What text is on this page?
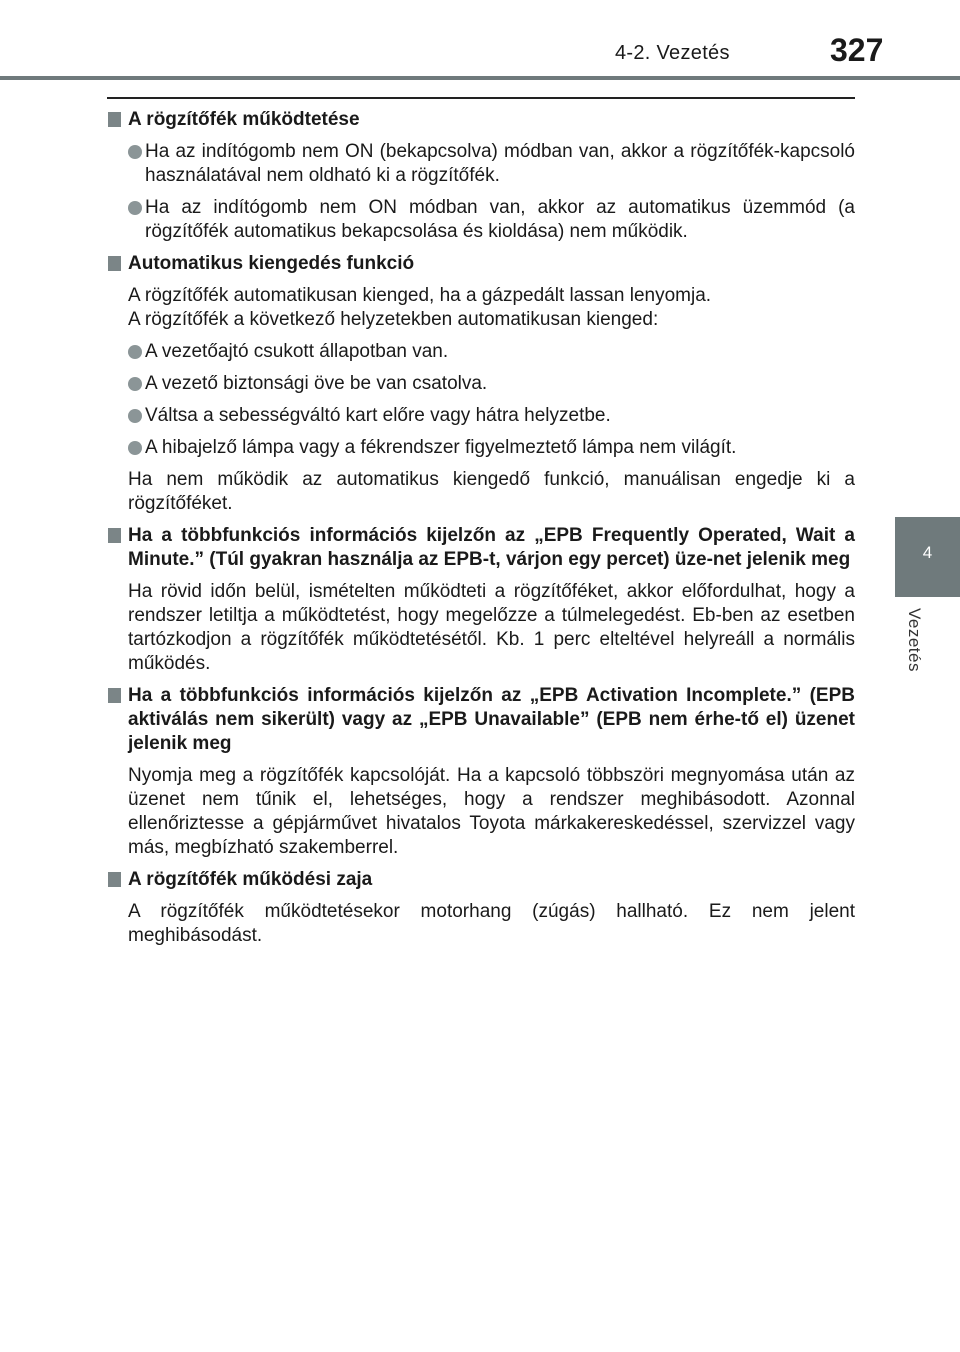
4-2. Vezetés	327
4
Vezetés
A rögzítőfék működtetése
Ha az indítógomb nem ON (bekapcsolva) módban van, akkor a rögzítőfék-kapcsoló használatával nem oldható ki a rögzítőfék.
Ha az indítógomb nem ON módban van, akkor az automatikus üzemmód (a rögzítőfék automatikus bekapcsolása és kioldása) nem működik.
Automatikus kiengedés funkció
A rögzítőfék automatikusan kienged, ha a gázpedált lassan lenyomja.
A rögzítőfék a következő helyzetekben automatikusan kienged:
A vezetőajtó csukott állapotban van.
A vezető biztonsági öve be van csatolva.
Váltsa a sebességváltó kart előre vagy hátra helyzetbe.
A hibajelző lámpa vagy a fékrendszer figyelmeztető lámpa nem világít.
Ha nem működik az automatikus kiengedő funkció, manuálisan engedje ki a rögzítőféket.
Ha a többfunkciós információs kijelzőn az „EPB Frequently Operated, Wait a Minute.” (Túl gyakran használja az EPB-t, várjon egy percet) üze-net jelenik meg
Ha rövid időn belül, ismételten működteti a rögzítőféket, akkor előfordulhat, hogy a rendszer letiltja a működtetést, hogy megelőzze a túlmelegedést. Eb-ben az esetben tartózkodjon a rögzítőfék működtetésétől. Kb. 1 perc elteltével helyreáll a normális működés.
Ha a többfunkciós információs kijelzőn az „EPB Activation Incomplete.” (EPB aktiválás nem sikerült) vagy az „EPB Unavailable” (EPB nem érhe-tő el) üzenet jelenik meg
Nyomja meg a rögzítőfék kapcsolóját. Ha a kapcsoló többszöri megnyomása után az üzenet nem tűnik el, lehetséges, hogy a rendszer meghibásodott. Azonnal ellenőriztesse a gépjárművet hivatalos Toyota márkakereskedéssel, szervizzel vagy más, megbízható szakemberrel.
A rögzítőfék működési zaja
A rögzítőfék működtetésekor motorhang (zúgás) hallható. Ez nem jelent meghibásodást.
